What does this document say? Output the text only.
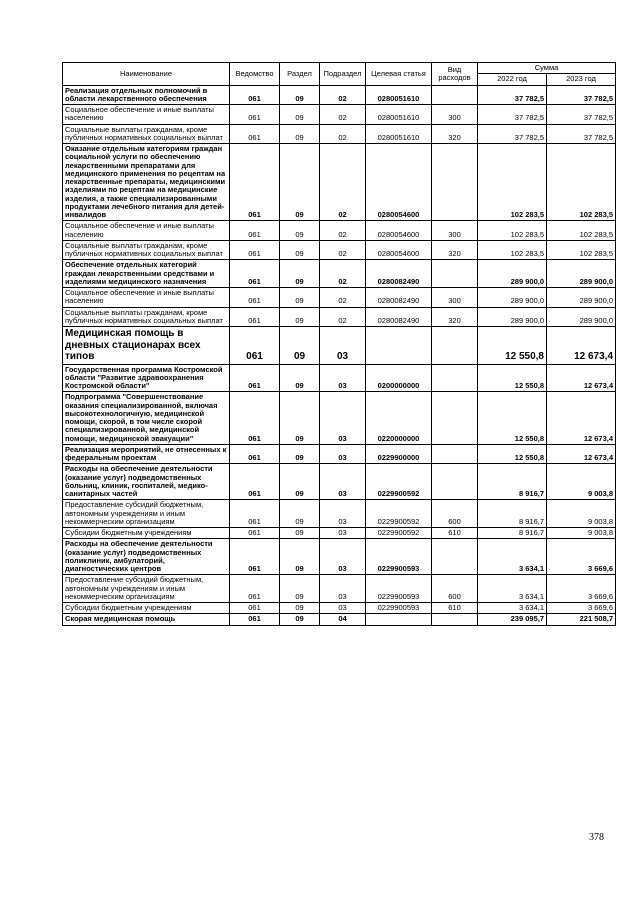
Наименование	Ведомство	Раздел	Подраздел	Целевая статья	Вид расходов	Сумма	
						2022 год	2023 год
Реализация отдельных полномочий в области лекарственного обеспечения	061	09	02	0280051610		37 782,5	37 782,5
Социальное обеспечение и иные выплаты населению	061	09	02	0280051610	300	37 782,5	37 782,5
Социальные выплаты гражданам, кроме публичных нормативных социальных выплат	061	09	02	0280051610	320	37 782,5	37 782,5
Оказание отдельным категориям граждан социальной услуги по обеспечению лекарственными препаратами для медицинского применения по рецептам на лекарственные препараты, медицинскими изделиями по рецептам на медицинские изделия, а также специализированными продуктами лечебного питания для детей-инвалидов	061	09	02	0280054600		102 283,5	102 283,5
Социальное обеспечение и иные выплаты населению	061	09	02	0280054600	300	102 283,5	102 283,5
Социальные выплаты гражданам, кроме публичных нормативных социальных выплат	061	09	02	0280054600	320	102 283,5	102 283,5
Обеспечение отдельных категорий граждан лекарственными средствами и изделиями медицинского назначения	061	09	02	0280082490		289 900,0	289 900,0
Социальное обеспечение и иные выплаты населению	061	09	02	0280082490	300	289 900,0	289 900,0
Социальные выплаты гражданам, кроме публичных нормативных социальных выплат	061	09	02	0280082490	320	289 900,0	289 900,0
Медицинская помощь в дневных стационарах всех типов	061	09	03			12 550,8	12 673,4
Государственная программа Костромской области "Развитие здравоохранения Костромской области"	061	09	03	0200000000		12 550,8	12 673,4
Подпрограмма "Совершенствование оказания специализированной, включая высокотехнологичную, медицинской помощи, скорой, в том числе скорой специализированной, медицинской помощи, медицинской эвакуации"	061	09	03	0220000000		12 550,8	12 673,4
Реализация мероприятий, не отнесенных к федеральным проектам	061	09	03	0229900000		12 550,8	12 673,4
Расходы на обеспечение деятельности (оказание услуг) подведомственных больниц, клиник, госпиталей, медико-санитарных частей	061	09	03	0229900592		8 916,7	9 003,8
Предоставление субсидий бюджетным, автономным учреждениям и иным некоммерческим организациям	061	09	03	0229900592	600	8 916,7	9 003,8
Субсидии бюджетным учреждениям	061	09	03	0229900592	610	8 916,7	9 003,8
Расходы на обеспечение деятельности (оказание услуг) подведомственных поликлиник, амбулаторий, диагностических центров	061	09	03	0229900593		3 634,1	3 669,6
Предоставление субсидий бюджетным, автономным учреждениям и иным некоммерческим организациям	061	09	03	0229900593	600	3 634,1	3 669,6
Субсидии бюджетным учреждениям	061	09	03	0229900593	610	3 634,1	3 669,6
Скорая медицинская помощь	061	09	04			239 095,7	221 508,7
378
